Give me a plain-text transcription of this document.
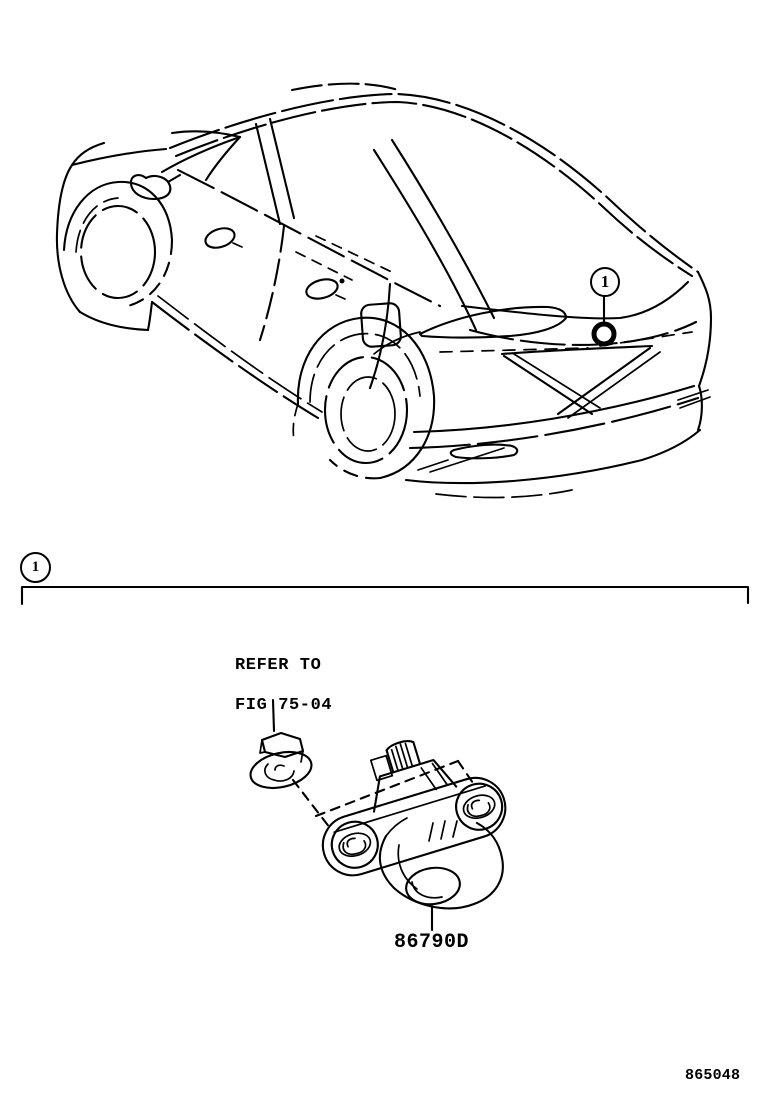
1
1
REFER TO

FIG 75-04
86790D
865048
